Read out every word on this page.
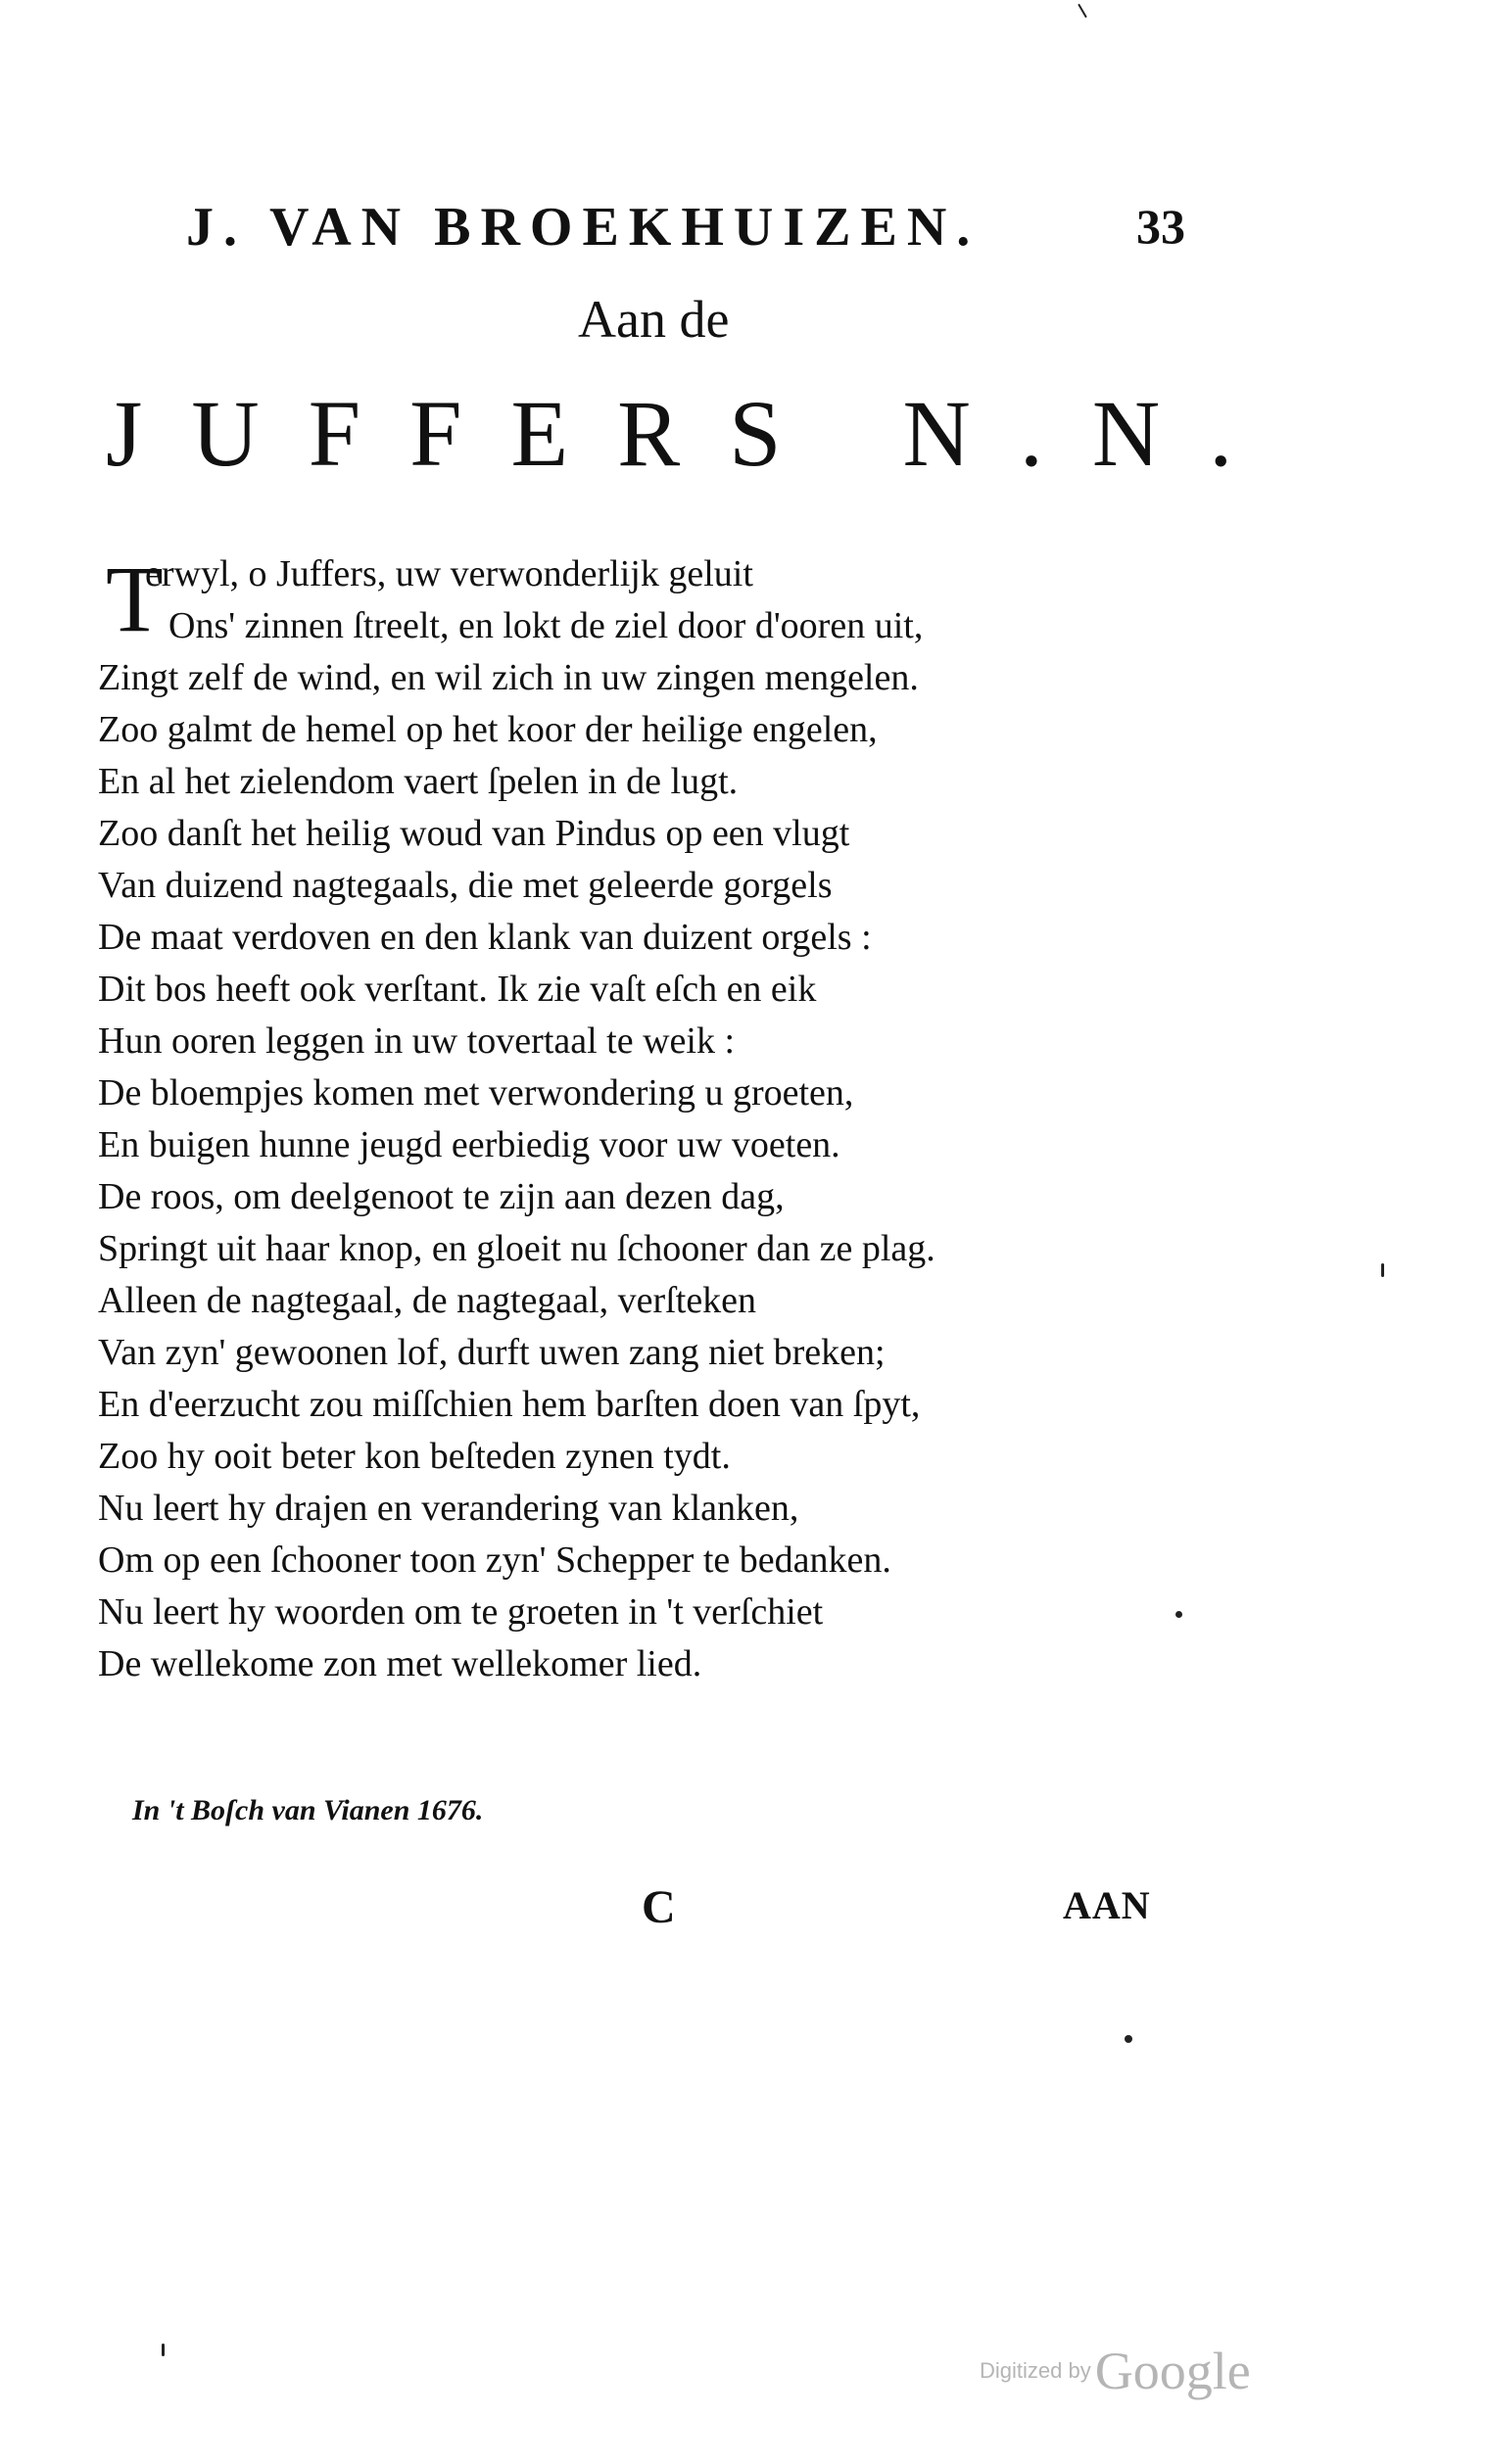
J. VAN BROEKHUIZEN.	33
Aan de
JUFFERS N.N.
T
erwyl, o Juffers, uw verwonderlijk geluit
Ons' zinnen ſtreelt, en lokt de ziel door d'ooren uit,
Zingt zelf de wind, en wil zich in uw zingen mengelen.
Zoo galmt de hemel op het koor der heilige engelen,
En al het zielendom vaert ſpelen in de lugt.
Zoo danſt het heilig woud van Pindus op een vlugt
Van duizend nagtegaals, die met geleerde gorgels
De maat verdoven en den klank van duizent orgels :
Dit bos heeft ook verſtant. Ik zie vaſt eſch en eik
Hun ooren leggen in uw tovertaal te weik :
De bloempjes komen met verwondering u groeten,
En buigen hunne jeugd eerbiedig voor uw voeten.
De roos, om deelgenoot te zijn aan dezen dag,
Springt uit haar knop, en gloeit nu ſchooner dan ze plag.
Alleen de nagtegaal, de nagtegaal, verſteken
Van zyn' gewoonen lof, durft uwen zang niet breken;
En d'eerzucht zou miſſchien hem barſten doen van ſpyt,
Zoo hy ooit beter kon beſteden zynen tydt.
Nu leert hy drajen en verandering van klanken,
Om op een ſchooner toon zyn' Schepper te bedanken.
Nu leert hy woorden om te groeten in 't verſchiet
De wellekome zon met wellekomer lied.
In 't Boſch van Vianen 1676.
C	AAN
Digitized by Google
